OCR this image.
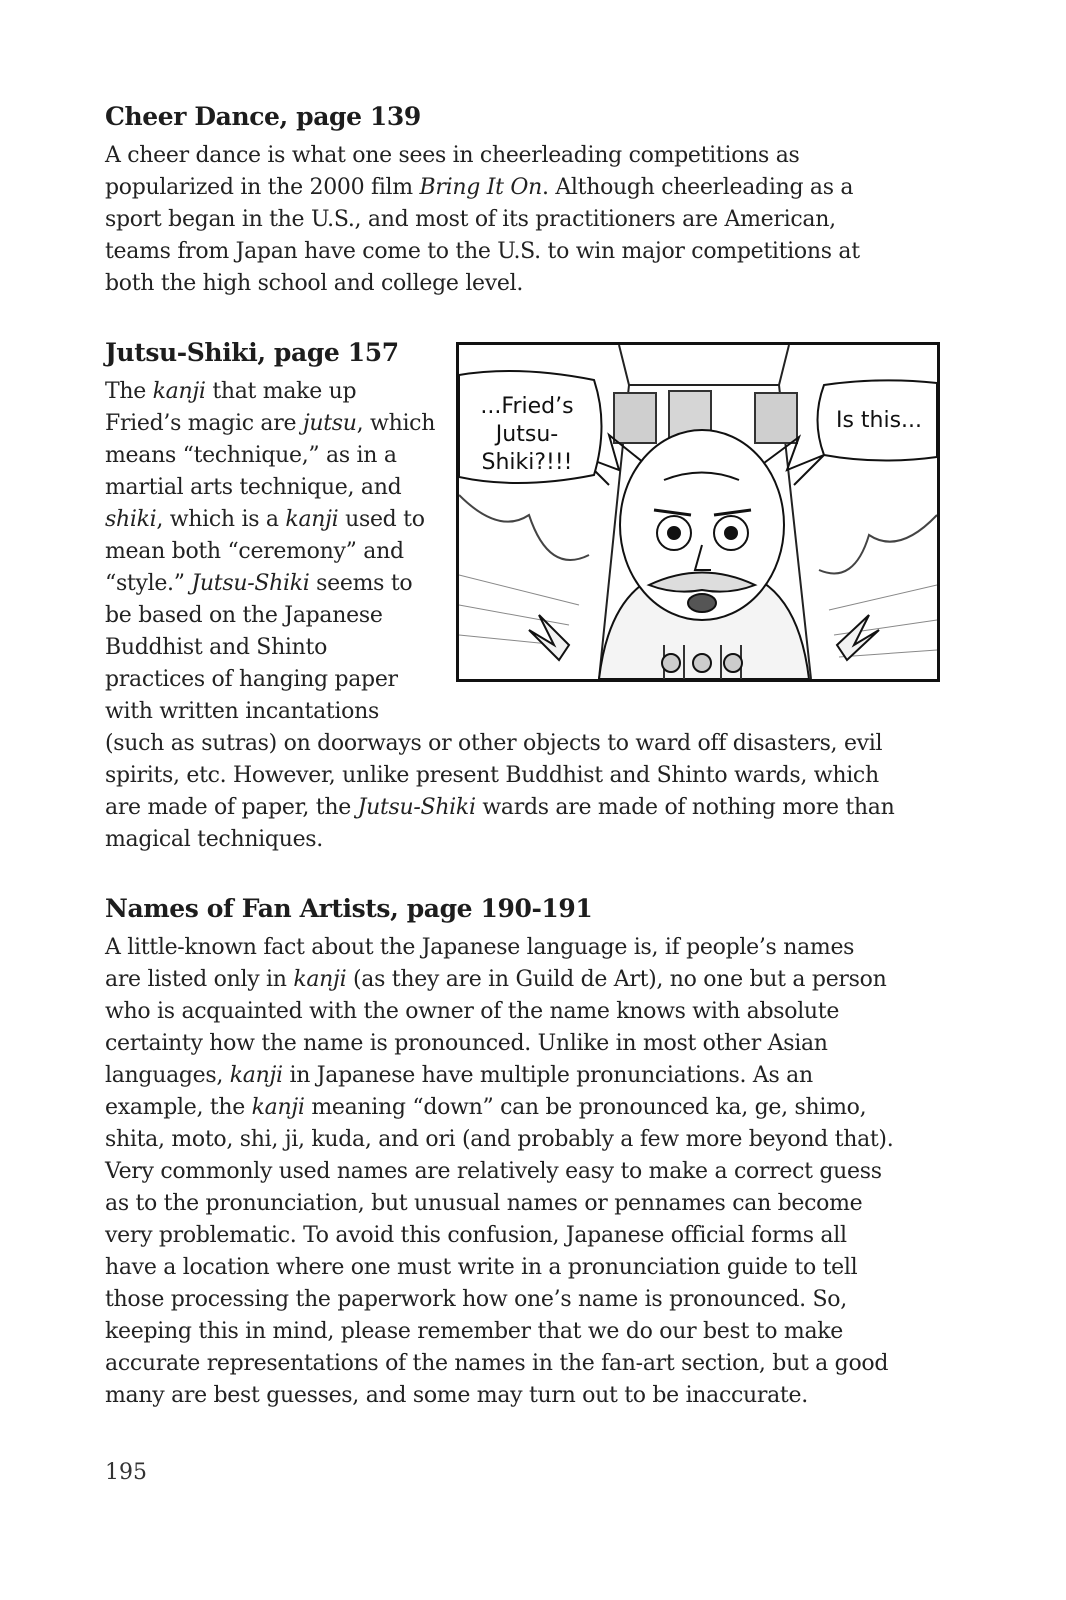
Cheer Dance, page 139

A cheer dance is what one sees in cheerleading competitions as
popularized in the 2000 film Bring It On. Although cheerleading as a
sport began in the U.S., and most of its practitioners are American,
teams from Japan have come to the U.S. to win major competitions at
both the high school and college level.

Jutsu-Shiki, page 157

The kanji that make up
Fried’s magic are jutsu, which
means “technique,” as in a
martial arts technique, and
shiki, which is a kanji used to
mean both “ceremony” and
“style.” Jutsu-Shiki seems to
be based on the Japanese
Buddhist and Shinto
practices of hanging paper
with written incantations
(such as sutras) on doorways or other objects to ward off disasters, evil
spirits, etc. However, unlike present Buddhist and Shinto wards, which
are made of paper, the Jutsu-Shiki wards are made of nothing more than
magical techniques.

Names of Fan Artists, page 190-191

A little-known fact about the Japanese language is, if people’s names
are listed only in kanji (as they are in Guild de Art), no one but a person
who is acquainted with the owner of the name knows with absolute
certainty how the name is pronounced. Unlike in most other Asian
languages, kanji in Japanese have multiple pronunciations. As an
example, the kanji meaning “down” can be pronounced ka, ge, shimo,
shita, moto, shi, ji, kuda, and ori (and probably a few more beyond that).
Very commonly used names are relatively easy to make a correct guess
as to the pronunciation, but unusual names or pennames can become
very problematic. To avoid this confusion, Japanese official forms all
have a location where one must write in a pronunciation guide to tell
those processing the paperwork how one’s name is pronounced. So,
keeping this in mind, please remember that we do our best to make
accurate representations of the names in the fan-art section, but a good
many are best guesses, and some may turn out to be inaccurate.

...Fried’s
Jutsu-
Shiki?!!!
Is this...
195
